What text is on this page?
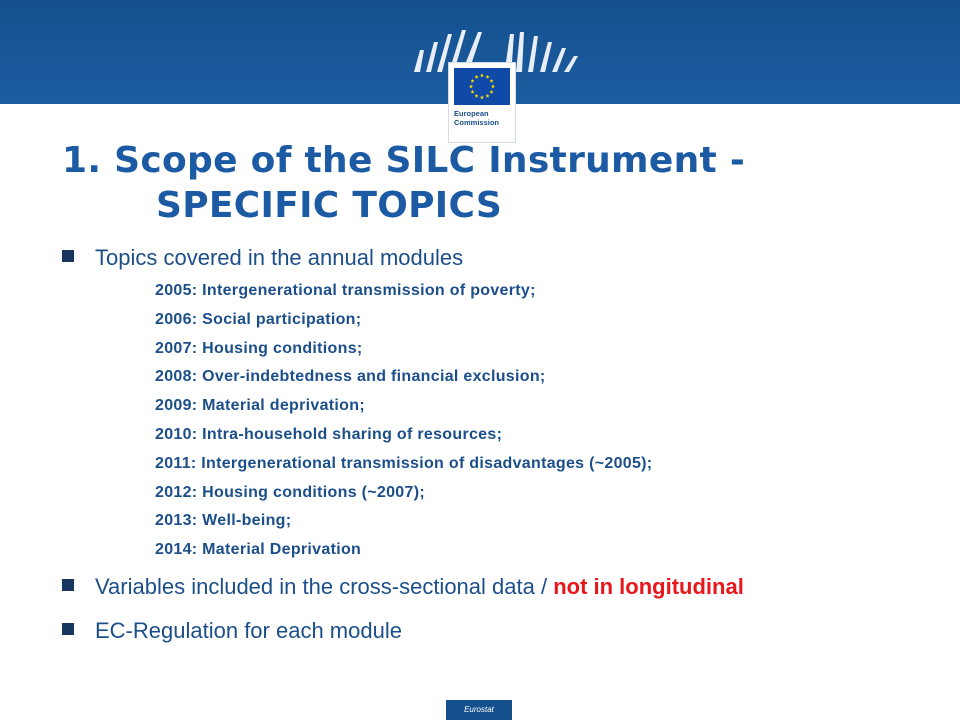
European
Commission
1. Scope of the SILC Instrument -
SPECIFIC TOPICS
Topics covered in the annual modules
2005: Intergenerational transmission of poverty;
2006: Social participation;
2007: Housing conditions;
2008: Over-indebtedness and financial exclusion;
2009: Material deprivation;
2010: Intra-household sharing of resources;
2011: Intergenerational transmission of disadvantages (~2005);
2012: Housing conditions (~2007);
2013: Well-being;
2014: Material Deprivation
Variables included in the cross-sectional data / not in longitudinal
EC-Regulation for each module
Eurostat
